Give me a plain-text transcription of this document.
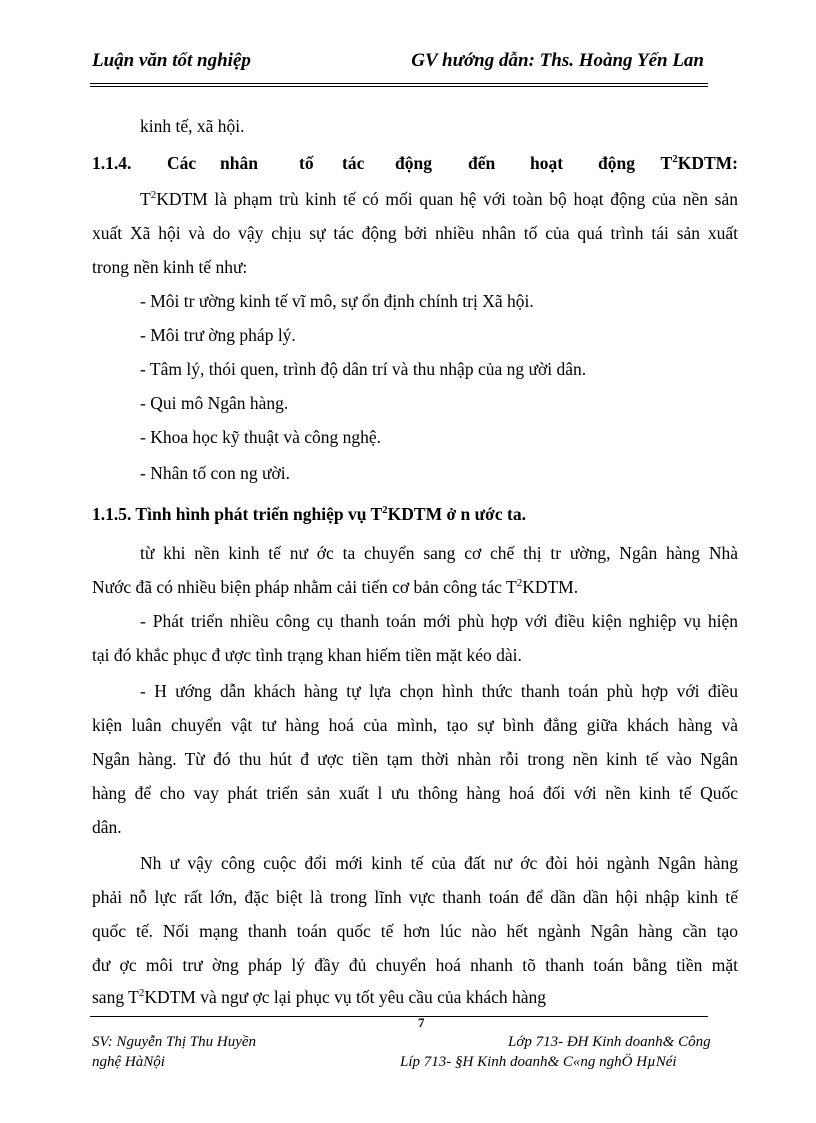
Luận văn tốt nghiệp	GV hướng dẫn: Ths. Hoàng Yến Lan
kinh tế, xã hội.
1.1.4. Các nhân tố tác động đến hoạt động $T^2KDTM$:
$T^2KDTM$ là phạm trù kinh tế có mối quan hệ với toàn bộ hoạt động của nền sản
xuất Xã hội và do vậy chịu sự tác động bởi nhiều nhân tố của quá trình tái sản xuất
trong nền kinh tế như:
- Môi tr ường kinh tế vĩ mô, sự ổn định chính trị Xã hội.
- Môi trư ờng pháp lý.
- Tâm lý, thói quen, trình độ dân trí và thu nhập của ng ười dân.
- Qui mô Ngân hàng.
- Khoa học kỹ thuật và công nghệ.
- Nhân tố con ng ười.
1.1.5. Tình hình phát triển nghiệp vụ $T^2KDTM$ ở n ước ta.
từ khi nền kinh tế nư ớc ta chuyển sang cơ chế thị tr ường, Ngân hàng Nhà
Nước đã có nhiều biện pháp nhằm cải tiến cơ bản công tác $T^2KDTM$.
- Phát triển nhiều công cụ thanh toán mới phù hợp với điều kiện nghiệp vụ hiện
tại đó khắc phục đ ược tình trạng khan hiếm tiền mặt kéo dài.
- H ướng dẫn khách hàng tự lựa chọn hình thức thanh toán phù hợp với điều
kiện luân chuyển vật tư hàng hoá của mình, tạo sự bình đẳng giữa khách hàng và
Ngân hàng. Từ đó thu hút đ ược tiền tạm thời nhàn rỗi trong nền kinh tế vào Ngân
hàng để cho vay phát triển sản xuất l ưu thông hàng hoá đối với nền kinh tế Quốc
dân.
Nh ư vậy công cuộc đổi mới kinh tế của đất nư ớc đòi hỏi ngành Ngân hàng
phải nỗ lực rất lớn, đặc biệt là trong lĩnh vực thanh toán để dần dần hội nhập kinh tế
quốc tế. Nối mạng thanh toán quốc tế hơn lúc nào hết ngành Ngân hàng cần tạo
đư ợc môi trư ờng pháp lý đầy đủ chuyển hoá nhanh tõ thanh toán bằng tiền mặt
sang $T^2KDTM$ và ngư ợc lại phục vụ tốt yêu cầu của khách hàng
7
SV: Nguyễn Thị Thu Huyền
nghệ HàNội
Lớp 713- ĐH Kinh doanh& Công
Líp 713- §H Kinh doanh& C«ng nghÖ HµNéi
